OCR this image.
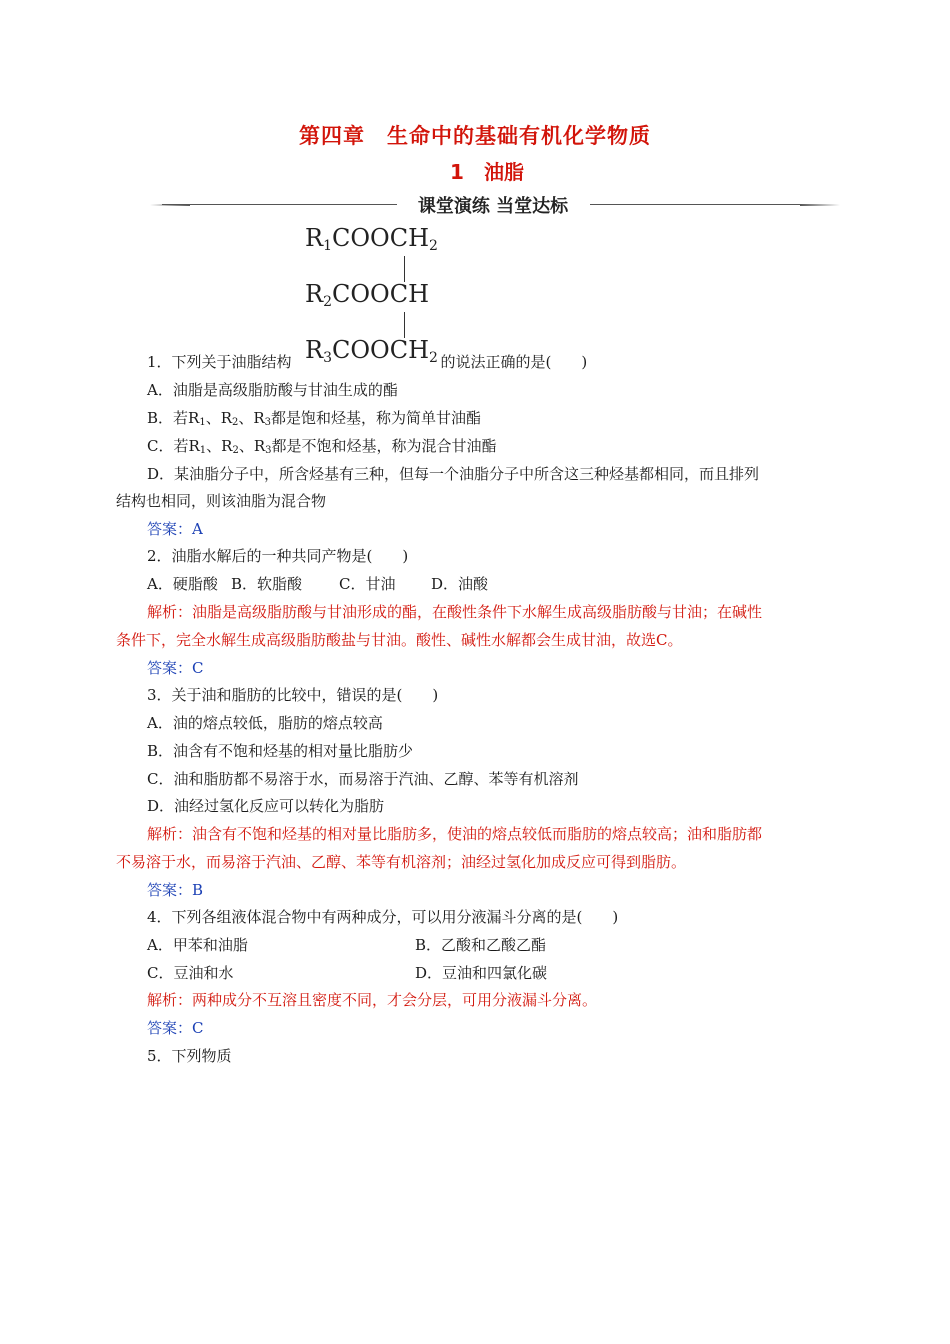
第四章　生命中的基础有机化学物质
1　油脂
课堂演练 当堂达标
$R_1COOCH_2$
$R_2COOCH$
$R_3COOCH_2$
1．下列关于油脂结构	的说法正确的是(　　)
A．油脂是高级脂肪酸与甘油生成的酯
B．若$R_1$、$R_2$、$R_3$都是饱和烃基，称为简单甘油酯
C．若$R_1$、$R_2$、$R_3$都是不饱和烃基，称为混合甘油酯
D．某油脂分子中，所含烃基有三种，但每一个油脂分子中所含这三种烃基都相同，而且排列
结构也相同，则该油脂为混合物
答案：A
2．油脂水解后的一种共同产物是(　　)
A．硬脂酸 B．软脂酸 C．甘油 D．油酸
解析：油脂是高级脂肪酸与甘油形成的酯，在酸性条件下水解生成高级脂肪酸与甘油；在碱性
条件下，完全水解生成高级脂肪酸盐与甘油。酸性、碱性水解都会生成甘油，故选C。
答案：C
3．关于油和脂肪的比较中，错误的是(　　)
A．油的熔点较低，脂肪的熔点较高
B．油含有不饱和烃基的相对量比脂肪少
C．油和脂肪都不易溶于水，而易溶于汽油、乙醇、苯等有机溶剂
D．油经过氢化反应可以转化为脂肪
解析：油含有不饱和烃基的相对量比脂肪多，使油的熔点较低而脂肪的熔点较高；油和脂肪都
不易溶于水，而易溶于汽油、乙醇、苯等有机溶剂；油经过氢化加成反应可得到脂肪。
答案：B
4．下列各组液体混合物中有两种成分，可以用分液漏斗分离的是(　　)
A．甲苯和油脂	B．乙酸和乙酸乙酯
C．豆油和水	D．豆油和四氯化碳
解析：两种成分不互溶且密度不同，才会分层，可用分液漏斗分离。
答案：C
5．下列物质
